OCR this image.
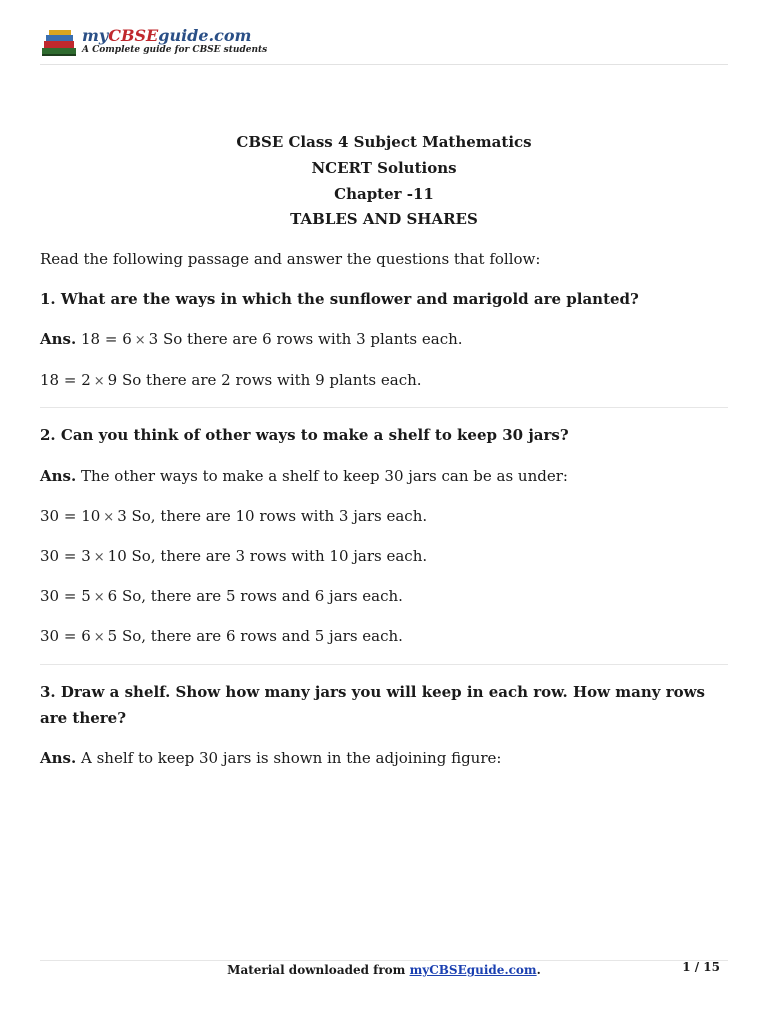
myCBSEguide.com
A Complete guide for CBSE students
CBSE Class 4 Subject Mathematics
NCERT Solutions
Chapter -11
TABLES AND SHARES
Read the following passage and answer the questions that follow:
1. What are the ways in which the sunflower and marigold are planted?
Ans. 18 = 6 × 3 So there are 6 rows with 3 plants each.
18 = 2 × 9 So there are 2 rows with 9 plants each.
2. Can you think of other ways to make a shelf to keep 30 jars?
Ans. The other ways to make a shelf to keep 30 jars can be as under:
30 = 10 × 3 So, there are 10 rows with 3 jars each.
30 = 3 × 10 So, there are 3 rows with 10 jars each.
30 = 5 × 6 So, there are 5 rows and 6 jars each.
30 = 6 × 5 So, there are 6 rows and 5 jars each.
3. Draw a shelf. Show how many jars you will keep in each row. How many rows are there?
Ans. A shelf to keep 30 jars is shown in the adjoining figure:
Material downloaded from myCBSEguide.com.	1 / 15
